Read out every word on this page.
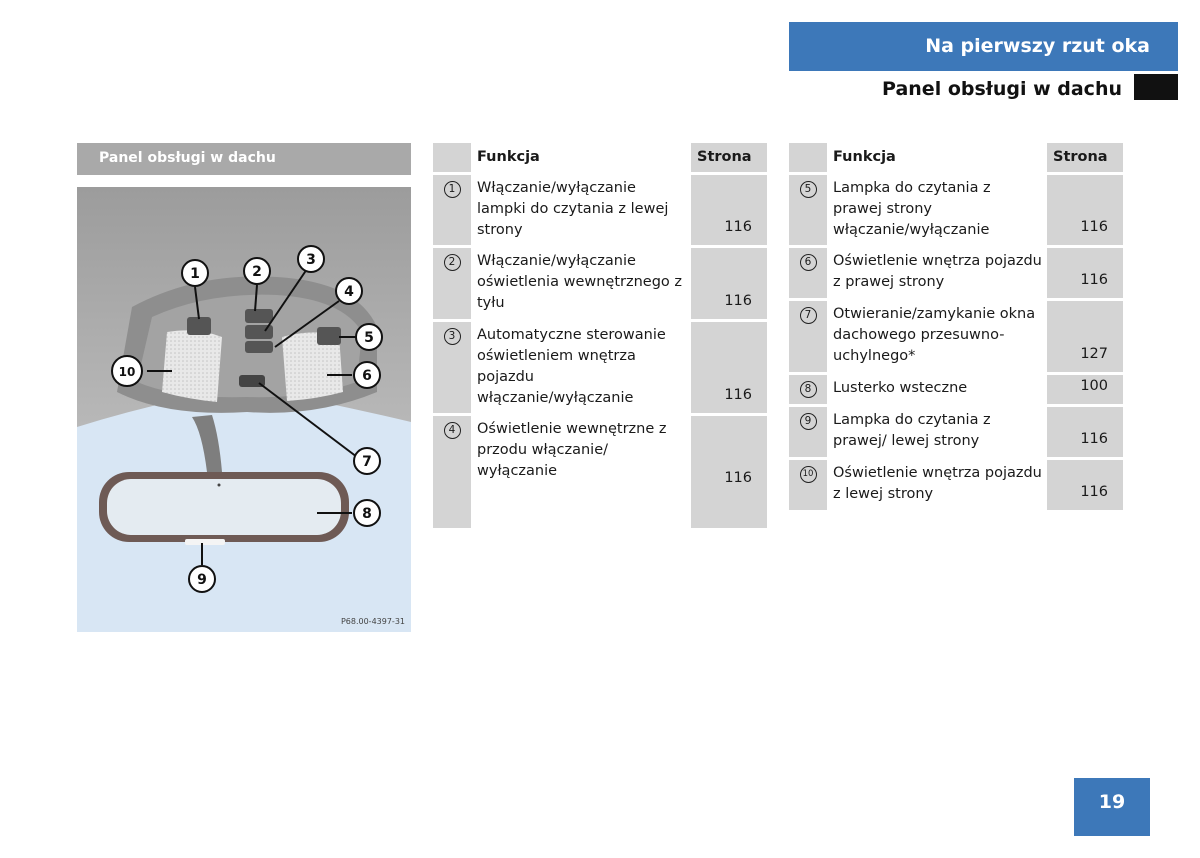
Na pierwszy rzut oka
Panel obsługi w dachu
Panel obsługi w dachu
1	2
3
4
5
6
7
8
9
10
P68.00-4397-31
	Funkcja	Strona
1	Włączanie/wyłączanie lampki do czytania z lewej strony	116
2	Włączanie/wyłączanie oświetlenia wewnętrznego z tyłu	116
3	Automatyczne sterowanie oświetleniem wnętrza pojazdu włączanie/wyłączanie	116
4	Oświetlenie wewnętrzne z przodu włączanie/ wyłączanie	116
	Funkcja	Strona
5	Lampka do czytania z prawej strony włączanie/wyłączanie	116
6	Oświetlenie wnętrza pojazdu z prawej strony	116
7	Otwieranie/zamykanie okna dachowego przesuwno-uchylnego*	127
8	Lusterko wsteczne	100
9	Lampka do czytania z prawej/ lewej strony	116
10	Oświetlenie wnętrza pojazdu z lewej strony	116
19
